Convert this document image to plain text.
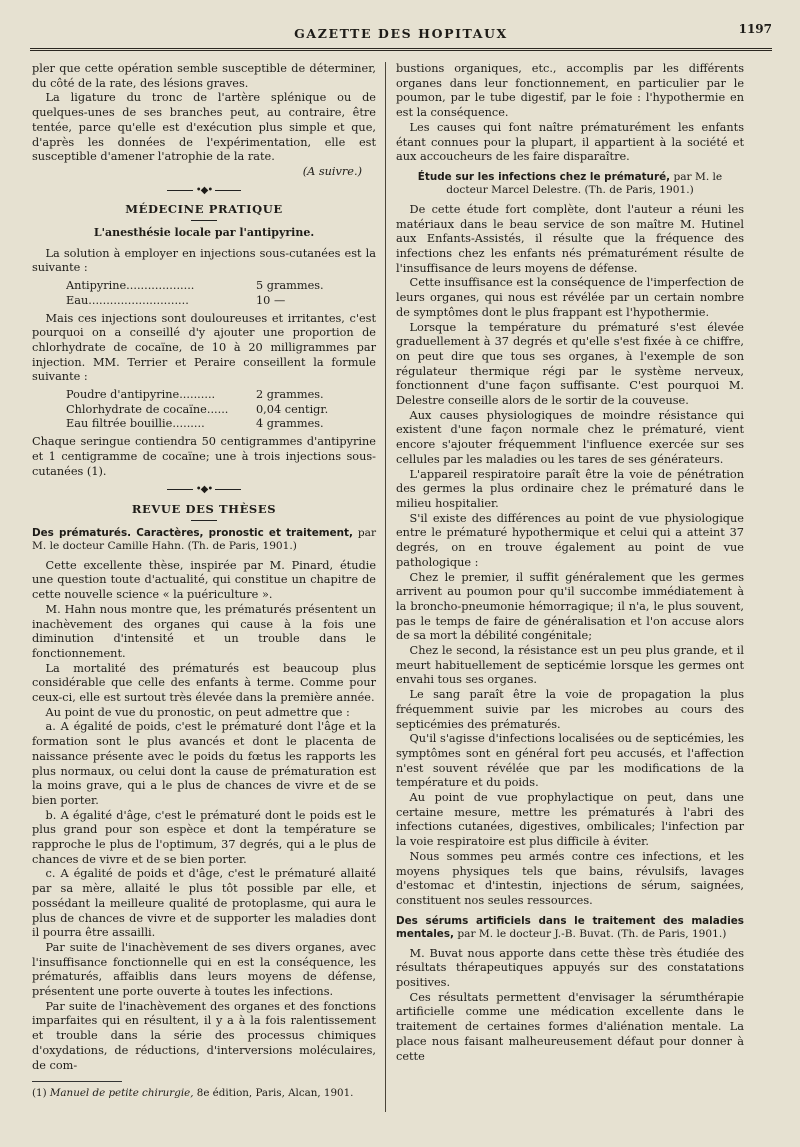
GAZETTE DES HOPITAUX	1197

pler que cette opération semble susceptible de déterminer, du côté de la rate, des lésions graves.

La ligature du tronc de l'artère splénique ou de quelques-unes de ses branches peut, au contraire, être tentée, parce qu'elle est d'exécution plus simple et que, d'après les données de l'expérimentation, elle est susceptible d'amener l'atrophie de la rate.

(A suivre.)
•◆•
MÉDECINE PRATIQUE
L'anesthésie locale par l'antipyrine.

La solution à employer en injections sous-cutanées est la suivante :

Antipyrine...................	5 grammes.
Eau............................	10 —

Mais ces injections sont douloureuses et irritantes, c'est pourquoi on a conseillé d'y ajouter une proportion de chlorhydrate de cocaïne, de 10 à 20 milligrammes par injection. MM. Terrier et Peraire conseillent la formule suivante :

Poudre d'antipyrine..........	2 grammes.
Chlorhydrate de cocaïne......	0,04 centigr.
Eau filtrée bouillie.........	4 grammes.

Chaque seringue contiendra 50 centigrammes d'antipyrine et 1 centigramme de cocaïne; une à trois injections sous-cutanées (1).

•◆•
REVUE DES THÈSES
Des prématurés. Caractères, pronostic et traitement, par M. le docteur Camille Hahn. (Th. de Paris, 1901.)

Cette excellente thèse, inspirée par M. Pinard, étudie une question toute d'actualité, qui constitue un chapitre de cette nouvelle science « la puériculture ».

M. Hahn nous montre que, les prématurés présentent un inachèvement des organes qui cause à la fois une diminution d'intensité et un trouble dans le fonctionnement.

La mortalité des prématurés est beaucoup plus considérable que celle des enfants à terme. Comme pour ceux-ci, elle est surtout très élevée dans la première année.

Au point de vue du pronostic, on peut admettre que :

a. A égalité de poids, c'est le prématuré dont l'âge et la formation sont le plus avancés et dont le placenta de naissance présente avec le poids du fœtus les rapports les plus normaux, ou celui dont la cause de prématuration est la moins grave, qui a le plus de chances de vivre et de se bien porter.

b. A égalité d'âge, c'est le prématuré dont le poids est le plus grand pour son espèce et dont la température se rapproche le plus de l'optimum, 37 degrés, qui a le plus de chances de vivre et de se bien porter.

c. A égalité de poids et d'âge, c'est le prématuré allaité par sa mère, allaité le plus tôt possible par elle, et possédant la meilleure qualité de protoplasme, qui aura le plus de chances de vivre et de supporter les maladies dont il pourra être assailli.

Par suite de l'inachèvement de ses divers organes, avec l'insuffisance fonctionnelle qui en est la conséquence, les prématurés, affaiblis dans leurs moyens de défense, présentent une porte ouverte à toutes les infections.

Par suite de l'inachèvement des organes et des fonctions imparfaites qui en résultent, il y a à la fois ralentissement et trouble dans la série des processus chimiques d'oxydations, de réductions, d'interversions moléculaires, de com-

(1) Manuel de petite chirurgie, 8e édition, Paris, Alcan, 1901.

bustions organiques, etc., accomplis par les différents organes dans leur fonctionnement, en particulier par le poumon, par le tube digestif, par le foie : l'hypothermie en est la conséquence.

Les causes qui font naître prématurément les enfants étant connues pour la plupart, il appartient à la société et aux accoucheurs de les faire disparaître.

Étude sur les infections chez le prématuré, par M. le docteur Marcel Delestre. (Th. de Paris, 1901.)

De cette étude fort complète, dont l'auteur a réuni les matériaux dans le beau service de son maître M. Hutinel aux Enfants-Assistés, il résulte que la fréquence des infections chez les enfants nés prématurément résulte de l'insuffisance de leurs moyens de défense.

Cette insuffisance est la conséquence de l'imperfection de leurs organes, qui nous est révélée par un certain nombre de symptômes dont le plus frappant est l'hypothermie.

Lorsque la température du prématuré s'est élevée graduellement à 37 degrés et qu'elle s'est fixée à ce chiffre, on peut dire que tous ses organes, à l'exemple de son régulateur thermique régi par le système nerveux, fonctionnent d'une façon suffisante. C'est pourquoi M. Delestre conseille alors de le sortir de la couveuse.

Aux causes physiologiques de moindre résistance qui existent d'une façon normale chez le prématuré, vient encore s'ajouter fréquemment l'influence exercée sur ses cellules par les maladies ou les tares de ses générateurs.

L'appareil respiratoire paraît être la voie de pénétration des germes la plus ordinaire chez le prématuré dans le milieu hospitalier.

S'il existe des différences au point de vue physiologique entre le prématuré hypothermique et celui qui a atteint 37 degrés, on en trouve également au point de vue pathologique :

Chez le premier, il suffit généralement que les germes arrivent au poumon pour qu'il succombe immédiatement à la broncho-pneumonie hémorragique; il n'a, le plus souvent, pas le temps de faire de généralisation et l'on accuse alors de sa mort la débilité congénitale;

Chez le second, la résistance est un peu plus grande, et il meurt habituellement de septicémie lorsque les germes ont envahi tous ses organes.

Le sang paraît être la voie de propagation la plus fréquemment suivie par les microbes au cours des septicémies des prématurés.

Qu'il s'agisse d'infections localisées ou de septicémies, les symptômes sont en général fort peu accusés, et l'affection n'est souvent révélée que par les modifications de la température et du poids.

Au point de vue prophylactique on peut, dans une certaine mesure, mettre les prématurés à l'abri des infections cutanées, digestives, ombilicales; l'infection par la voie respiratoire est plus difficile à éviter.

Nous sommes peu armés contre ces infections, et les moyens physiques tels que bains, révulsifs, lavages d'estomac et d'intestin, injections de sérum, saignées, constituent nos seules ressources.

Des sérums artificiels dans le traitement des maladies mentales, par M. le docteur J.-B. Buvat. (Th. de Paris, 1901.)

M. Buvat nous apporte dans cette thèse très étudiée des résultats thérapeutiques appuyés sur des constatations positives.

Ces résultats permettent d'envisager la sérumthérapie artificielle comme une médication excellente dans le traitement de certaines formes d'aliénation mentale. La place nous faisant malheureusement défaut pour donner à cette
